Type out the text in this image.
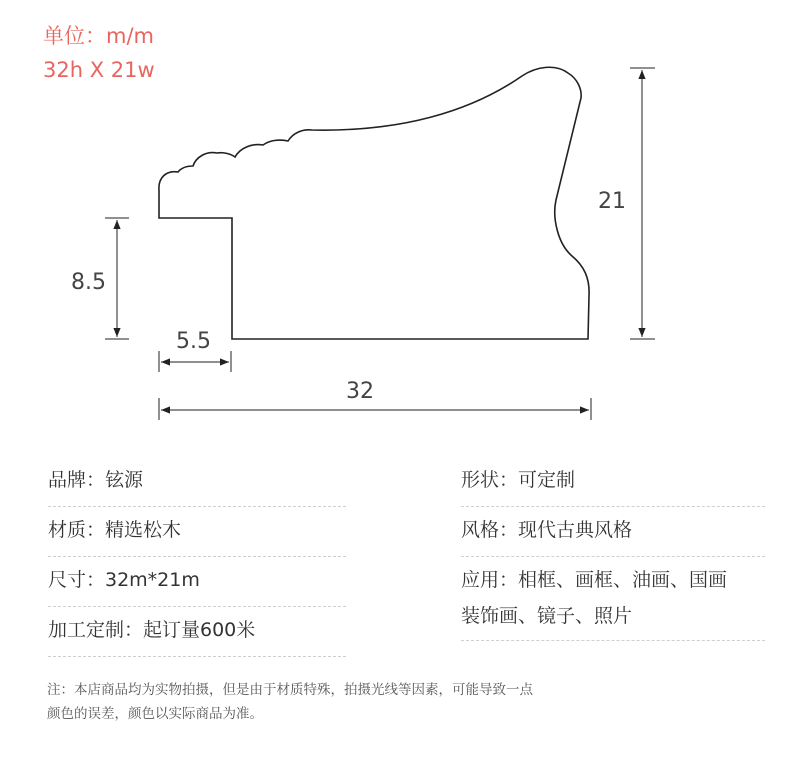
单位：m/m
32h X 21w
21
8.5
5.5
32
品牌：铉源
材质：精选松木
尺寸：32m*21m
加工定制：起订量600米
形状：可定制
风格：现代古典风格
应用：相框、画框、油画、国画
装饰画、镜子、照片
注：本店商品均为实物拍摄，但是由于材质特殊，拍摄光线等因素，可能导致一点
颜色的误差，颜色以实际商品为准。
